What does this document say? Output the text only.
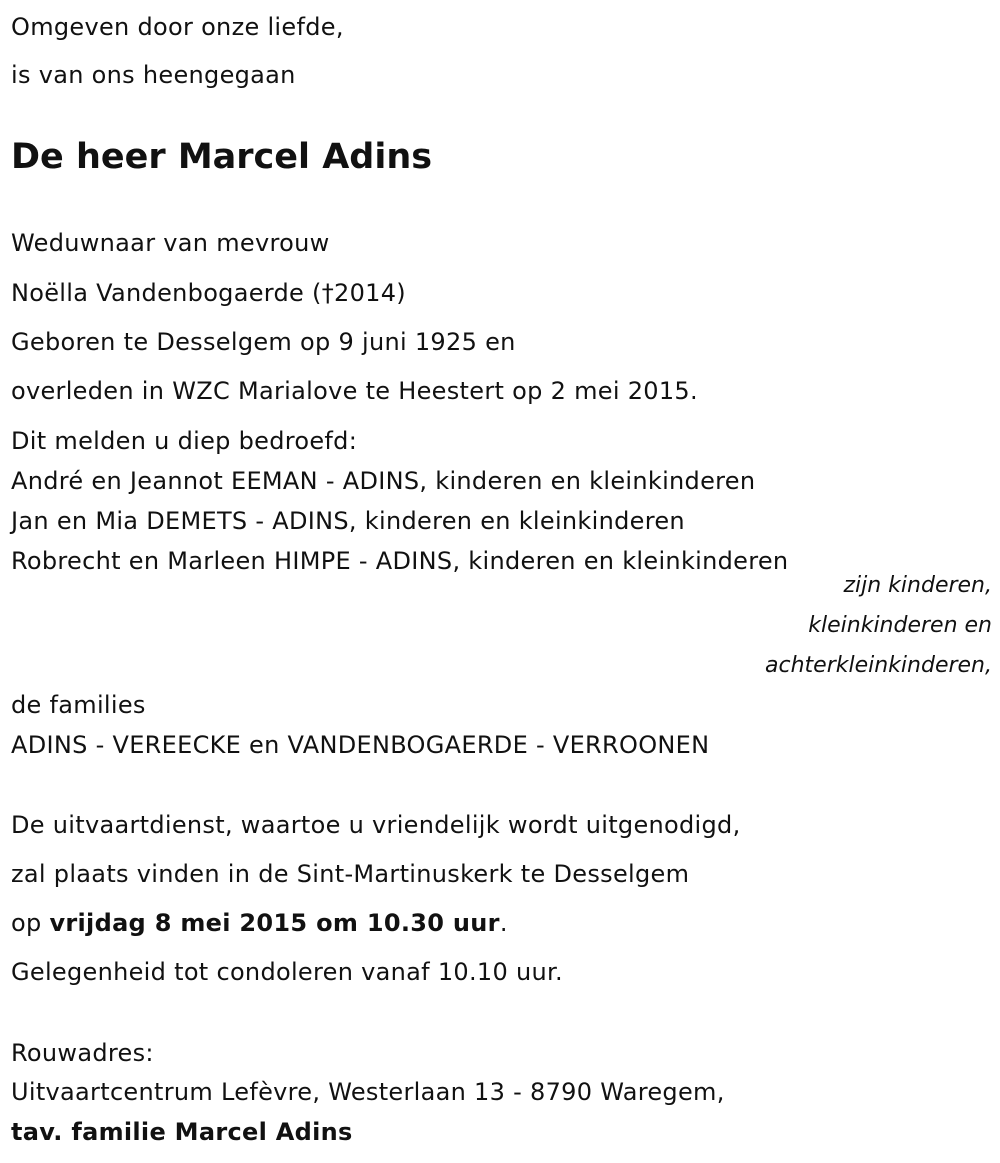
Omgeven door onze liefde,
is van ons heengegaan
De heer Marcel Adins
Weduwnaar van mevrouw
Noëlla Vandenbogaerde (†2014)
Geboren te Desselgem op 9 juni 1925 en
overleden in WZC Marialove te Heestert op 2 mei 2015.
Dit melden u diep bedroefd:
André en Jeannot EEMAN - ADINS, kinderen en kleinkinderen
Jan en Mia DEMETS - ADINS, kinderen en kleinkinderen
Robrecht en Marleen HIMPE - ADINS, kinderen en kleinkinderen
zijn kinderen,
kleinkinderen en
achterkleinkinderen,
de families
ADINS - VEREECKE en VANDENBOGAERDE - VERROONEN
De uitvaartdienst, waartoe u vriendelijk wordt uitgenodigd,
zal plaats vinden in de Sint-Martinuskerk te Desselgem
op vrijdag 8 mei 2015 om 10.30 uur.
Gelegenheid tot condoleren vanaf 10.10 uur.
Rouwadres:
Uitvaartcentrum Lefèvre, Westerlaan 13 - 8790 Waregem,
tav. familie Marcel Adins
